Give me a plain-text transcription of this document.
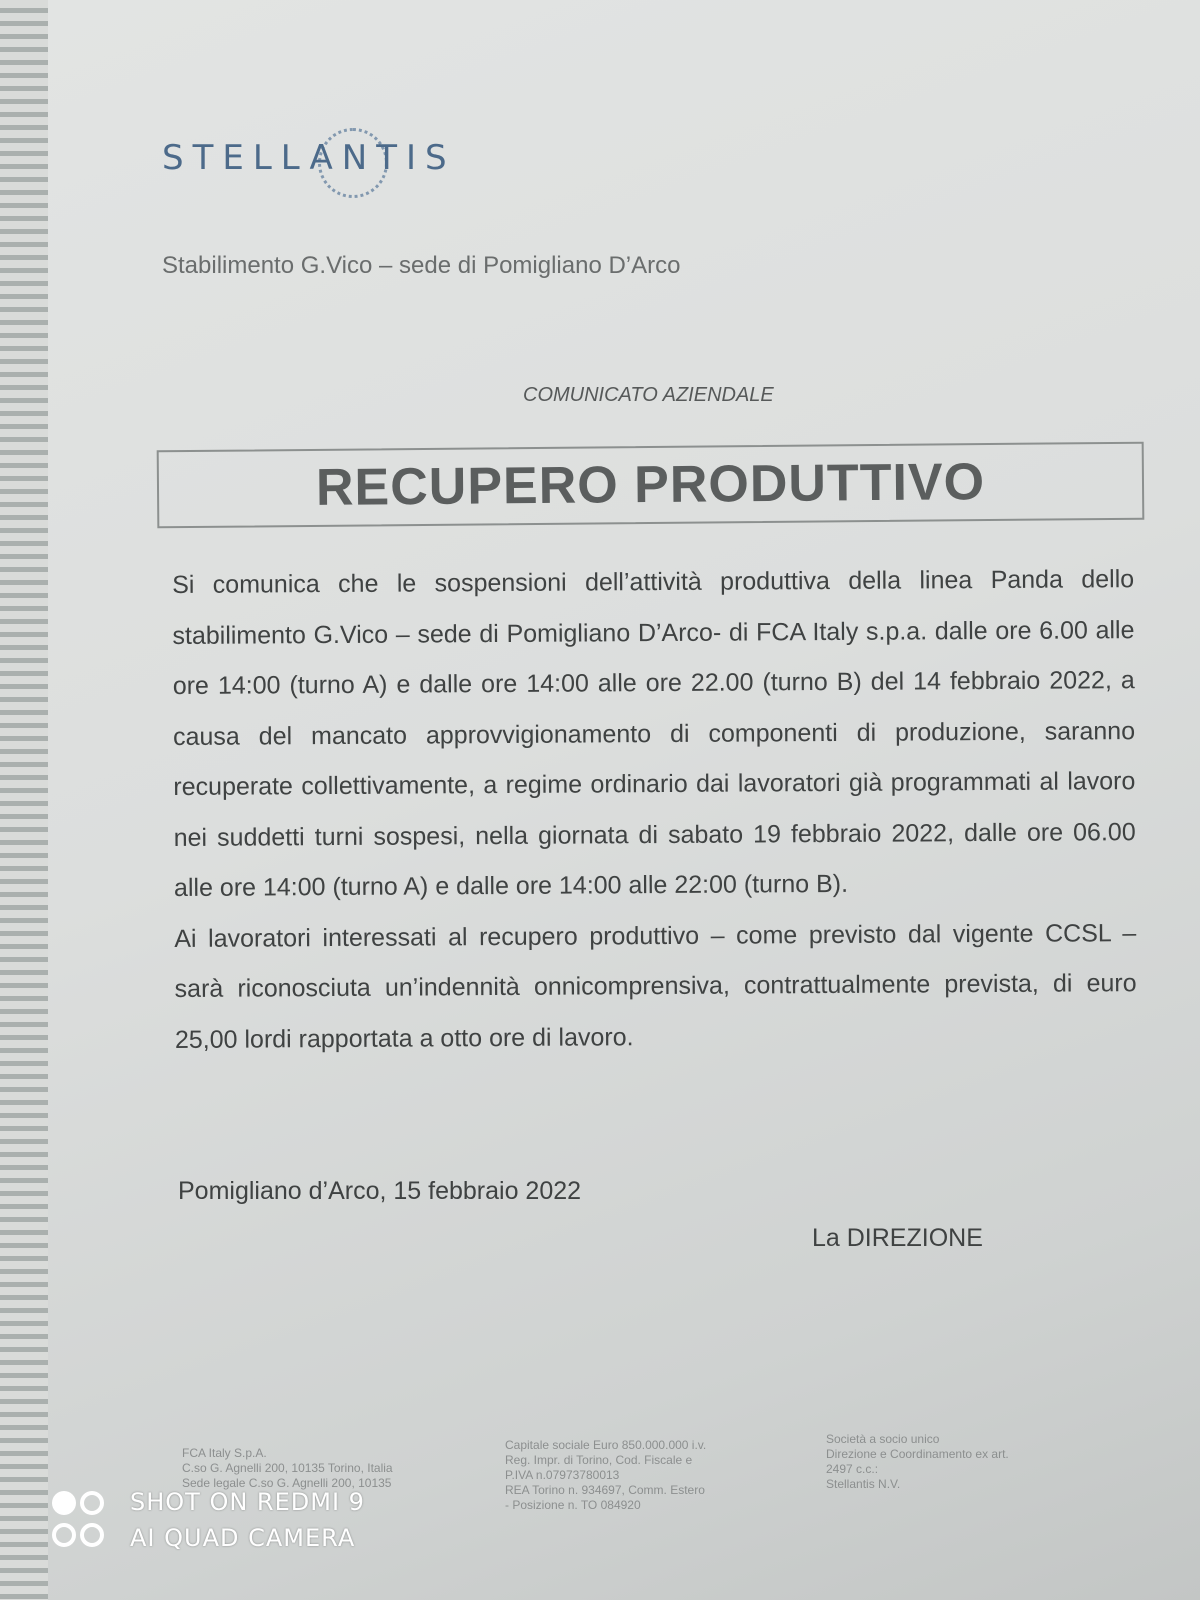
STELLANTIS
Stabilimento G.Vico – sede di Pomigliano D’Arco
COMUNICATO AZIENDALE
RECUPERO PRODUTTIVO

Si comunica che le sospensioni dell’attività produttiva della linea Panda dello stabilimento G.Vico – sede di Pomigliano D’Arco- di FCA Italy s.p.a. dalle ore 6.00 alle ore 14:00 (turno A) e dalle ore 14:00 alle ore 22.00 (turno B) del 14 febbraio 2022, a causa del mancato approvvigionamento di componenti di produzione, saranno recuperate collettivamente, a regime ordinario dai lavoratori già programmati al lavoro nei suddetti turni sospesi, nella giornata di sabato 19 febbraio 2022, dalle ore 06.00 alle ore 14:00 (turno A) e dalle ore 14:00 alle 22:00 (turno B).

Ai lavoratori interessati al recupero produttivo – come previsto dal vigente CCSL – sarà riconosciuta un’indennità onnicomprensiva, contrattualmente prevista, di euro 25,00 lordi rapportata a otto ore di lavoro.

Pomigliano d’Arco, 15 febbraio 2022
La DIREZIONE
FCA Italy S.p.A.
C.so G. Agnelli 200, 10135 Torino, Italia
Sede legale C.so G. Agnelli 200, 10135
Capitale sociale Euro 850.000.000 i.v.
Reg. Impr. di Torino, Cod. Fiscale e
P.IVA n.07973780013
REA Torino n. 934697, Comm. Estero
- Posizione n. TO 084920
Società a socio unico
Direzione e Coordinamento ex art.
2497 c.c.:
Stellantis N.V.
SHOT ON REDMI 9
AI QUAD CAMERA
